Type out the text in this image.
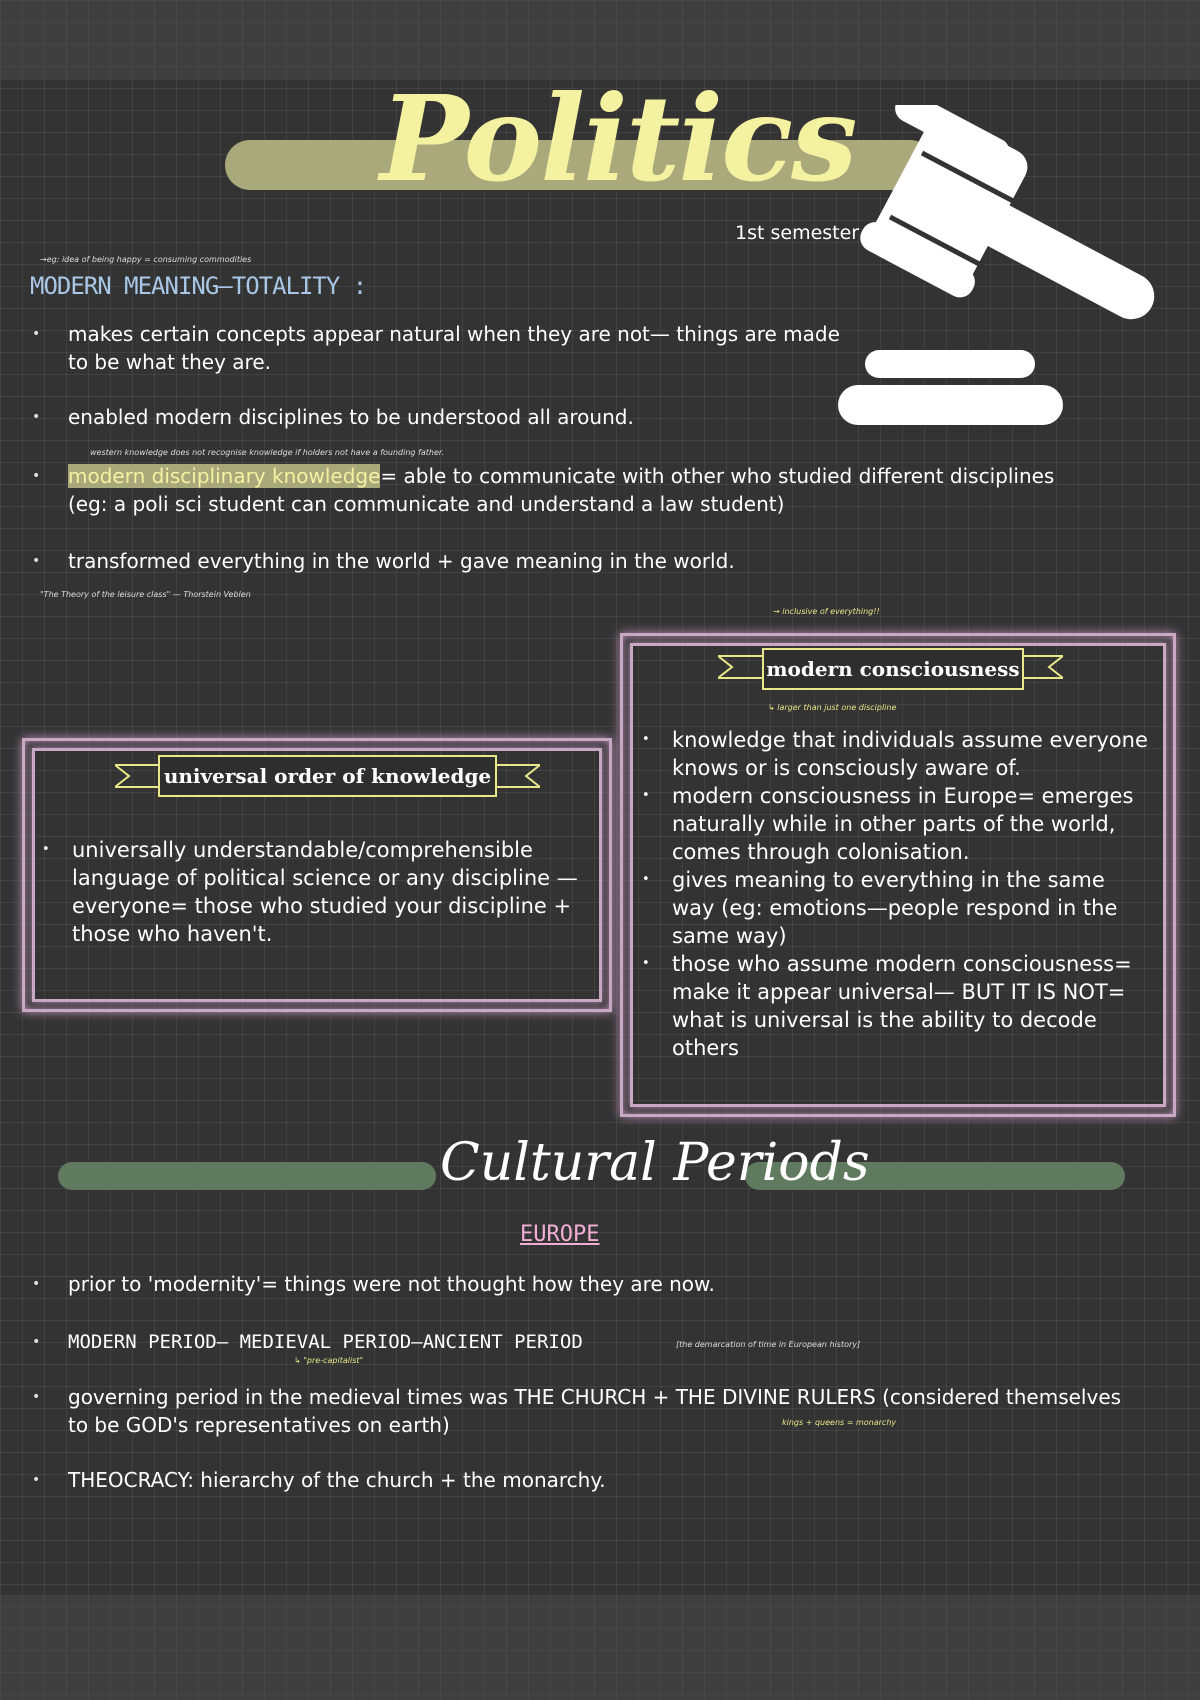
Politics
1st semester
→eg: idea of being happy = consuming commodities
MODERN MEANING–TOTALITY :
• makes certain concepts appear natural when they are not— things are made to be what they are.
• enabled modern disciplines to be understood all around.
western knowledge does not recognise knowledge if holders not have a founding father.
• modern disciplinary knowledge= able to communicate with other who studied different disciplines (eg: a poli sci student can communicate and understand a law student)
• transformed everything in the world + gave meaning in the world.
"The Theory of the leisure class" — Thorstein Veblen
universal order of knowledge
• universally understandable/comprehensible language of political science or any discipline — everyone= those who studied your discipline + those who haven't.
→ inclusive of everything!!
modern consciousness
↳ larger than just one discipline
• knowledge that individuals assume everyone knows or is consciously aware of.
• modern consciousness in Europe= emerges naturally while in other parts of the world, comes through colonisation.
• gives meaning to everything in the same way (eg: emotions—people respond in the same way)
• those who assume modern consciousness= make it appear universal— BUT IT IS NOT= what is universal is the ability to decode others
Cultural Periods
EUROPE
• prior to 'modernity'= things were not thought how they are now.
• MODERN PERIOD— MEDIEVAL PERIOD—ANCIENT PERIOD	[the demarcation of time in European history]
↳ "pre-capitalist"
• governing period in the medieval times was THE CHURCH + THE DIVINE RULERS (considered themselves to be GOD's representatives on earth)	kings + queens = monarchy
• THEOCRACY: hierarchy of the church + the monarchy.
